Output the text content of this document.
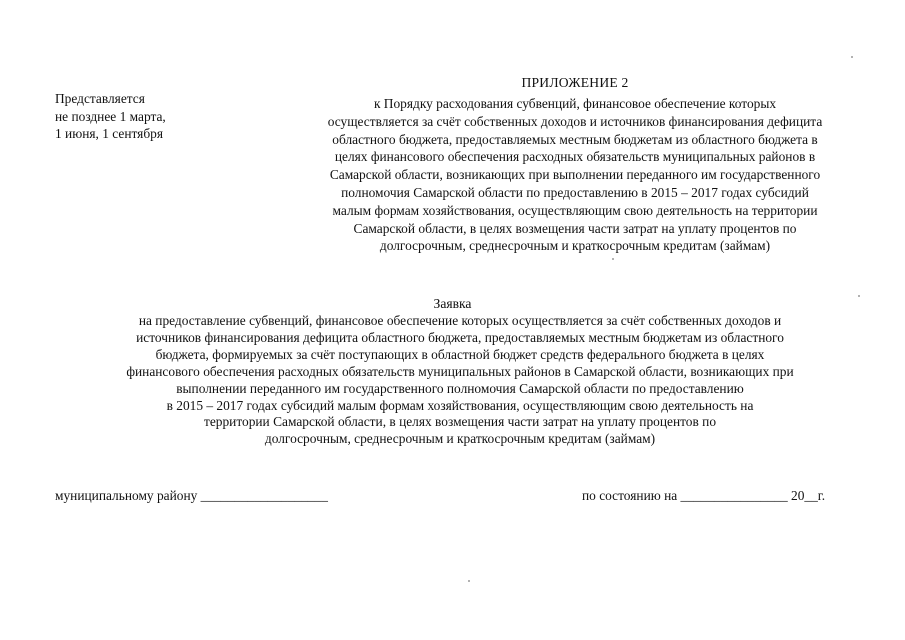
Представляется
не позднее 1 марта,
1 июня, 1 сентября
ПРИЛОЖЕНИЕ 2
к Порядку расходования субвенций, финансовое обеспечение которых
осуществляется за счёт собственных доходов и источников финансирования дефицита
областного бюджета, предоставляемых местным бюджетам из областного бюджета в
целях финансового обеспечения расходных обязательств муниципальных районов в
Самарской области, возникающих при выполнении переданного им государственного
полномочия Самарской области по предоставлению в 2015 – 2017 годах субсидий
малым формам хозяйствования, осуществляющим свою деятельность на территории
Самарской области, в целях возмещения части затрат на уплату процентов по
долгосрочным, среднесрочным и краткосрочным кредитам (займам)
Заявка
на предоставление субвенций, финансовое обеспечение которых осуществляется за счёт собственных доходов и
источников финансирования дефицита областного бюджета, предоставляемых местным бюджетам из областного
бюджета, формируемых за счёт поступающих в областной бюджет средств федерального бюджета в целях
финансового обеспечения расходных обязательств муниципальных районов в Самарской области, возникающих при
выполнении переданного им государственного полномочия Самарской области по предоставлению
в 2015 – 2017 годах субсидий малым формам хозяйствования, осуществляющим свою деятельность на
территории Самарской области, в целях возмещения части затрат на уплату процентов по
долгосрочным, среднесрочным и краткосрочным кредитам (займам)
муниципальному району ___________________	по состоянию на ________________ 20__г.
